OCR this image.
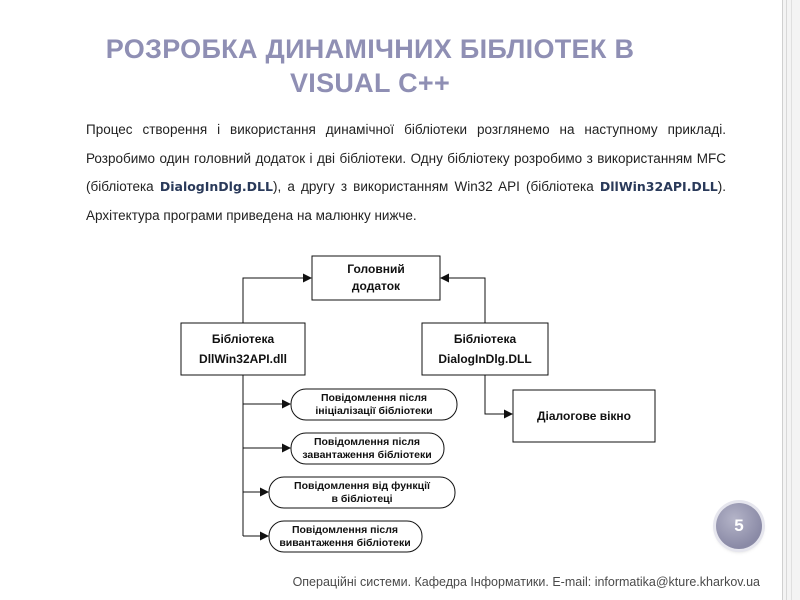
РОЗРОБКА ДИНАМІЧНИХ БІБЛІОТЕК В
VISUAL C++
Процес створення і використання динамічної бібліотеки розглянемо на наступному прикладі. Розробимо один головний додаток і дві бібліотеки. Одну бібліотеку розробимо з використанням MFC (бібліотека DialogInDlg.DLL), а другу з використанням Win32 API (бібліотека DllWin32API.DLL). Архітектура програми приведена на малюнку нижче.
Головний
додаток
Бібліотека
DllWin32API.dll
Бібліотека
DialogInDlg.DLL
Діалогове вікно
Повідомлення після
ініціалізації бібліотеки
Повідомлення після
завантаження бібліотеки
Повідомлення від функції
в бібліотеці
Повідомлення після
вивантаження бібліотеки
5
Операційні системи. Кафедра Інформатики. E-mail: informatika@kture.kharkov.ua
